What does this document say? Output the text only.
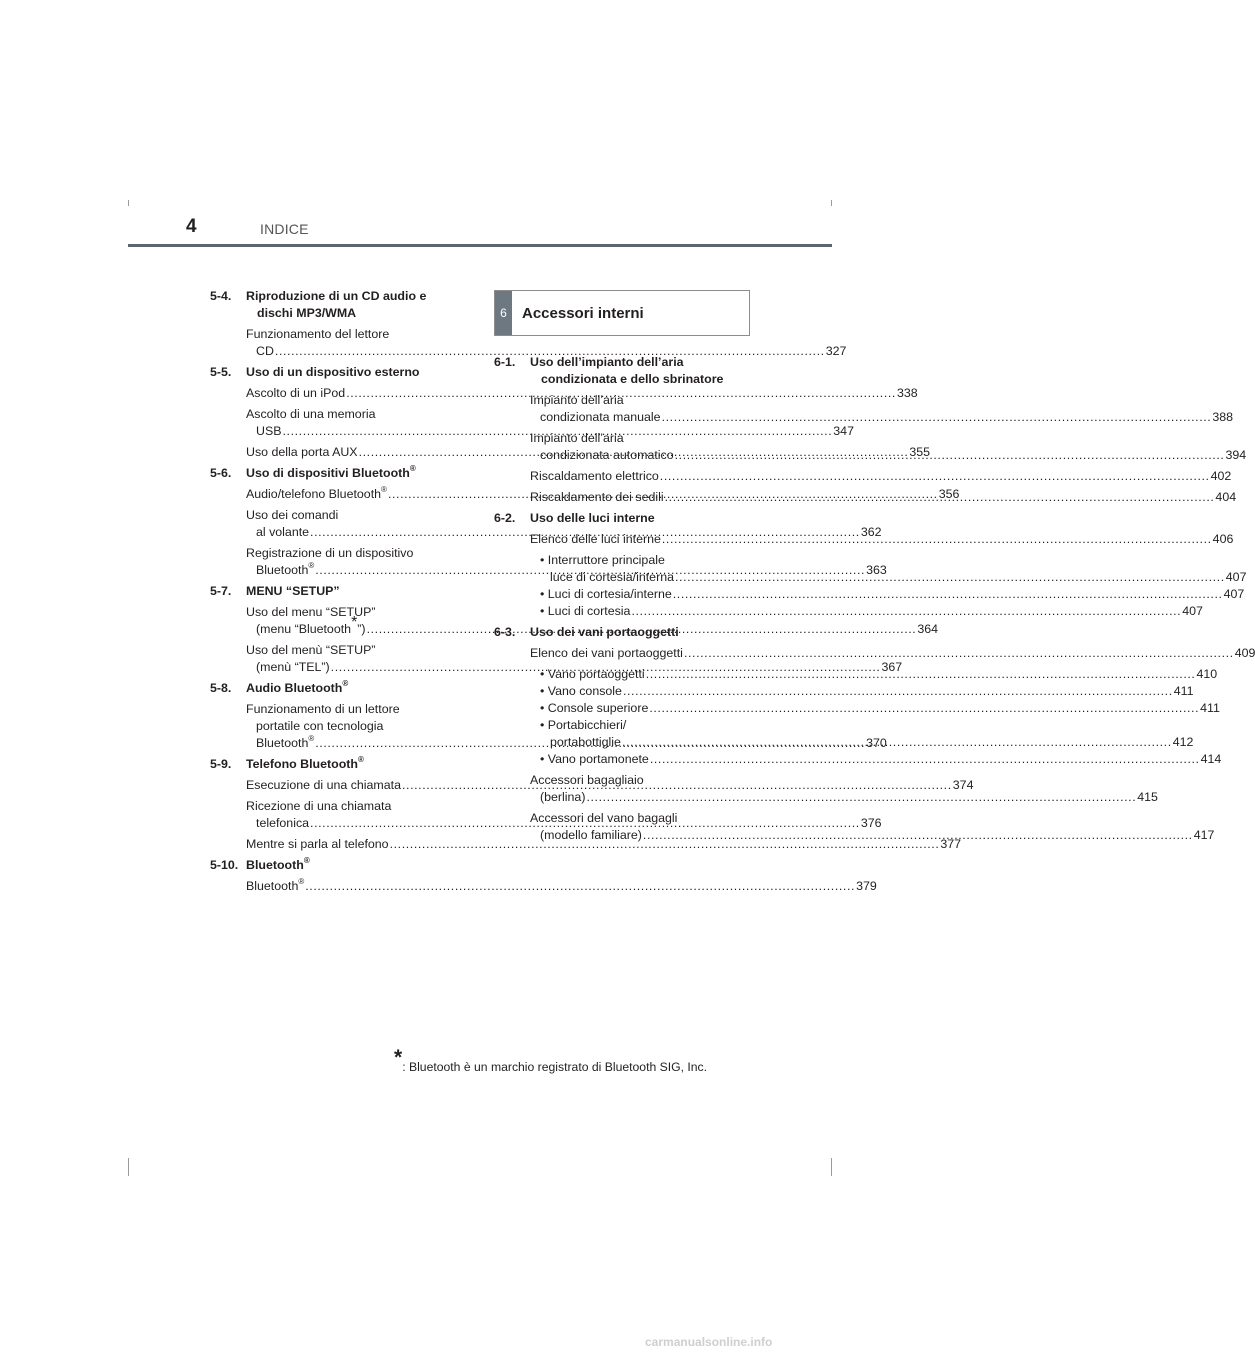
4	INDICE
5-4. Riproduzione di un CD audio e
dischi MP3/WMA
Funzionamento del lettore
CD .....	327
5-5. Uso di un dispositivo esterno
Ascolto di un iPod .....	338
Ascolto di una memoria
USB .....	347
Uso della porta AUX .....	355
5-6. Uso di dispositivi Bluetooth®
Audio/telefono Bluetooth® .....	356
Uso dei comandi
al volante .....	362
Registrazione di un dispositivo
Bluetooth® .....	363
5-7. MENU “SETUP”
Uso del menu “SETUP”
(menu “Bluetooth*”) .....	364
Uso del menù “SETUP”
(menù “TEL”) .....	367
5-8. Audio Bluetooth®
Funzionamento di un lettore
portatile con tecnologia
Bluetooth® .....	370
5-9. Telefono Bluetooth®
Esecuzione di una chiamata .....	374
Ricezione di una chiamata
telefonica .....	376
Mentre si parla al telefono .....	377
5-10. Bluetooth®
Bluetooth® .....	379
6	Accessori interni
6-1. Uso dell’impianto dell’aria
condizionata e dello sbrinatore
Impianto dell’aria
condizionata manuale .....	388
Impianto dell’aria
condizionata automatico .....	394
Riscaldamento elettrico .....	402
Riscaldamento dei sedili .....	404
6-2. Uso delle luci interne
Elenco delle luci interne .....	406
• Interruttore principale
luce di cortesia/interna .....	407
• Luci di cortesia/interne .....	407
• Luci di cortesia .....	407
6-3. Uso dei vani portaoggetti
Elenco dei vani portaoggetti .....	409
• Vano portaoggetti .....	410
• Vano console .....	411
• Console superiore .....	411
• Portabicchieri/
portabottiglie .....	412
• Vano portamonete .....	414
Accessori bagagliaio
(berlina) .....	415
Accessori del vano bagagli
(modello familiare) .....	417
*: Bluetooth è un marchio registrato di Bluetooth SIG, Inc.
carmanualsonline.info
